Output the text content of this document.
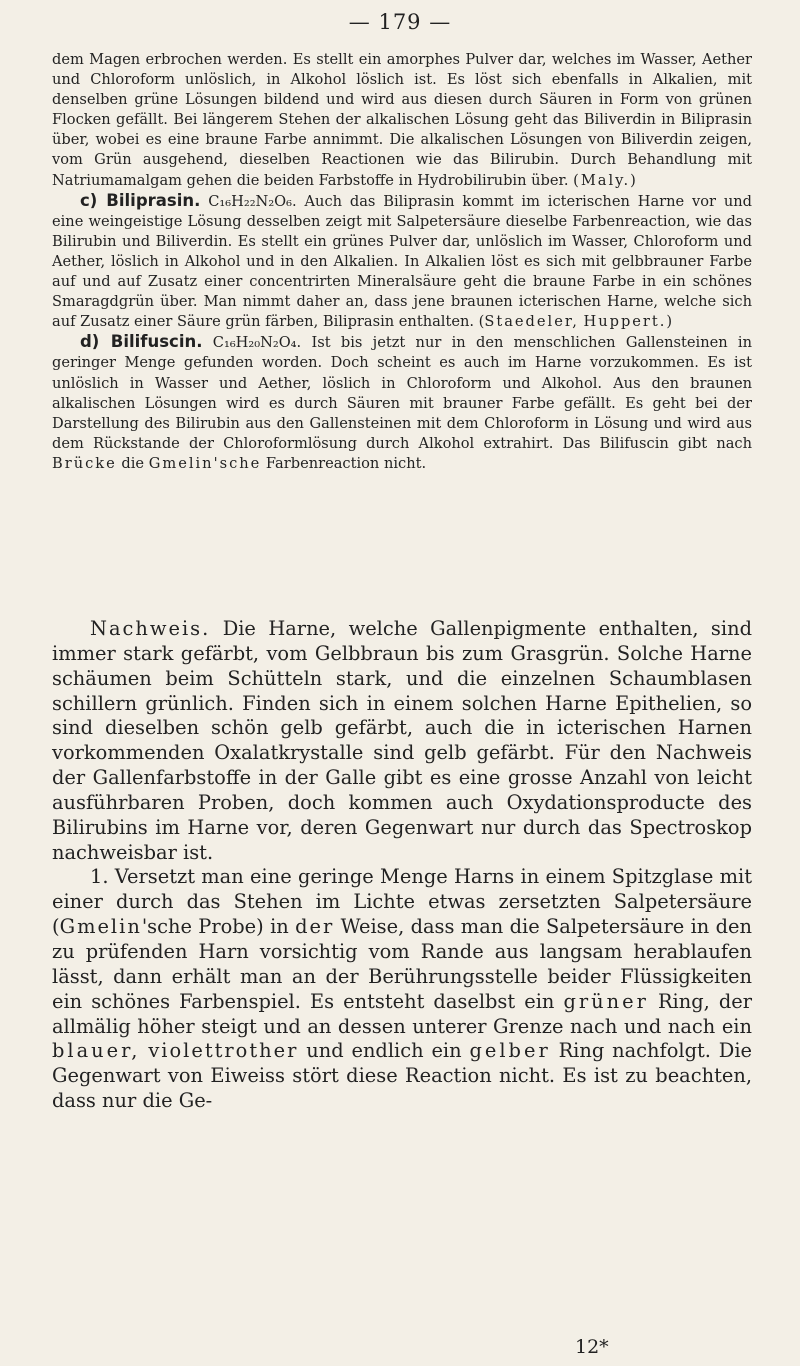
— 179 —

dem Magen erbrochen werden. Es stellt ein amorphes Pulver dar, welches im Wasser, Aether und Chloroform unlöslich, in Alkohol löslich ist. Es löst sich ebenfalls in Alkalien, mit denselben grüne Lösungen bildend und wird aus diesen durch Säuren in Form von grünen Flocken gefällt. Bei längerem Stehen der alkalischen Lösung geht das Biliverdin in Biliprasin über, wobei es eine braune Farbe annimmt. Die alkalischen Lösungen von Biliverdin zeigen, vom Grün ausgehend, dieselben Reactionen wie das Bilirubin. Durch Behandlung mit Natriumamalgam gehen die beiden Farbstoffe in Hydrobilirubin über. (Maly.)

c) Biliprasin. C₁₆H₂₂N₂O₆. Auch das Biliprasin kommt im icterischen Harne vor und eine weingeistige Lösung desselben zeigt mit Salpetersäure dieselbe Farbenreaction, wie das Bilirubin und Biliverdin. Es stellt ein grünes Pulver dar, unlöslich im Wasser, Chloroform und Aether, löslich in Alkohol und in den Alkalien. In Alkalien löst es sich mit gelbbrauner Farbe auf und auf Zusatz einer concentrirten Mineralsäure geht die braune Farbe in ein schönes Smaragdgrün über. Man nimmt daher an, dass jene braunen icterischen Harne, welche sich auf Zusatz einer Säure grün färben, Biliprasin enthalten. (Staedeler, Huppert.)

d) Bilifuscin. C₁₆H₂₀N₂O₄. Ist bis jetzt nur in den menschlichen Gallensteinen in geringer Menge gefunden worden. Doch scheint es auch im Harne vorzukommen. Es ist unlöslich in Wasser und Aether, löslich in Chloroform und Alkohol. Aus den braunen alkalischen Lösungen wird es durch Säuren mit brauner Farbe gefällt. Es geht bei der Darstellung des Bilirubin aus den Gallensteinen mit dem Chloroform in Lösung und wird aus dem Rückstande der Chloroformlösung durch Alkohol extrahirt. Das Bilifuscin gibt nach Brücke die Gmelin'sche Farbenreaction nicht.

Nachweis. Die Harne, welche Gallenpigmente enthalten, sind immer stark gefärbt, vom Gelbbraun bis zum Grasgrün. Solche Harne schäumen beim Schütteln stark, und die einzelnen Schaumblasen schillern grünlich. Finden sich in einem solchen Harne Epithelien, so sind dieselben schön gelb gefärbt, auch die in icterischen Harnen vorkommenden Oxalatkrystalle sind gelb gefärbt. Für den Nachweis der Gallenfarbstoffe in der Galle gibt es eine grosse Anzahl von leicht ausführbaren Proben, doch kommen auch Oxydationsproducte des Bilirubins im Harne vor, deren Gegenwart nur durch das Spectroskop nachweisbar ist.

1. Versetzt man eine geringe Menge Harns in einem Spitzglase mit einer durch das Stehen im Lichte etwas zersetzten Salpetersäure (Gmelin'sche Probe) in der Weise, dass man die Salpetersäure in den zu prüfenden Harn vorsichtig vom Rande aus langsam herablaufen lässt, dann erhält man an der Berührungsstelle beider Flüssigkeiten ein schönes Farbenspiel. Es entsteht daselbst ein grüner Ring, der allmälig höher steigt und an dessen unterer Grenze nach und nach ein blauer, violettrother und endlich ein gelber Ring nachfolgt. Die Gegenwart von Eiweiss stört diese Reaction nicht. Es ist zu beachten, dass nur die Ge-

12*
